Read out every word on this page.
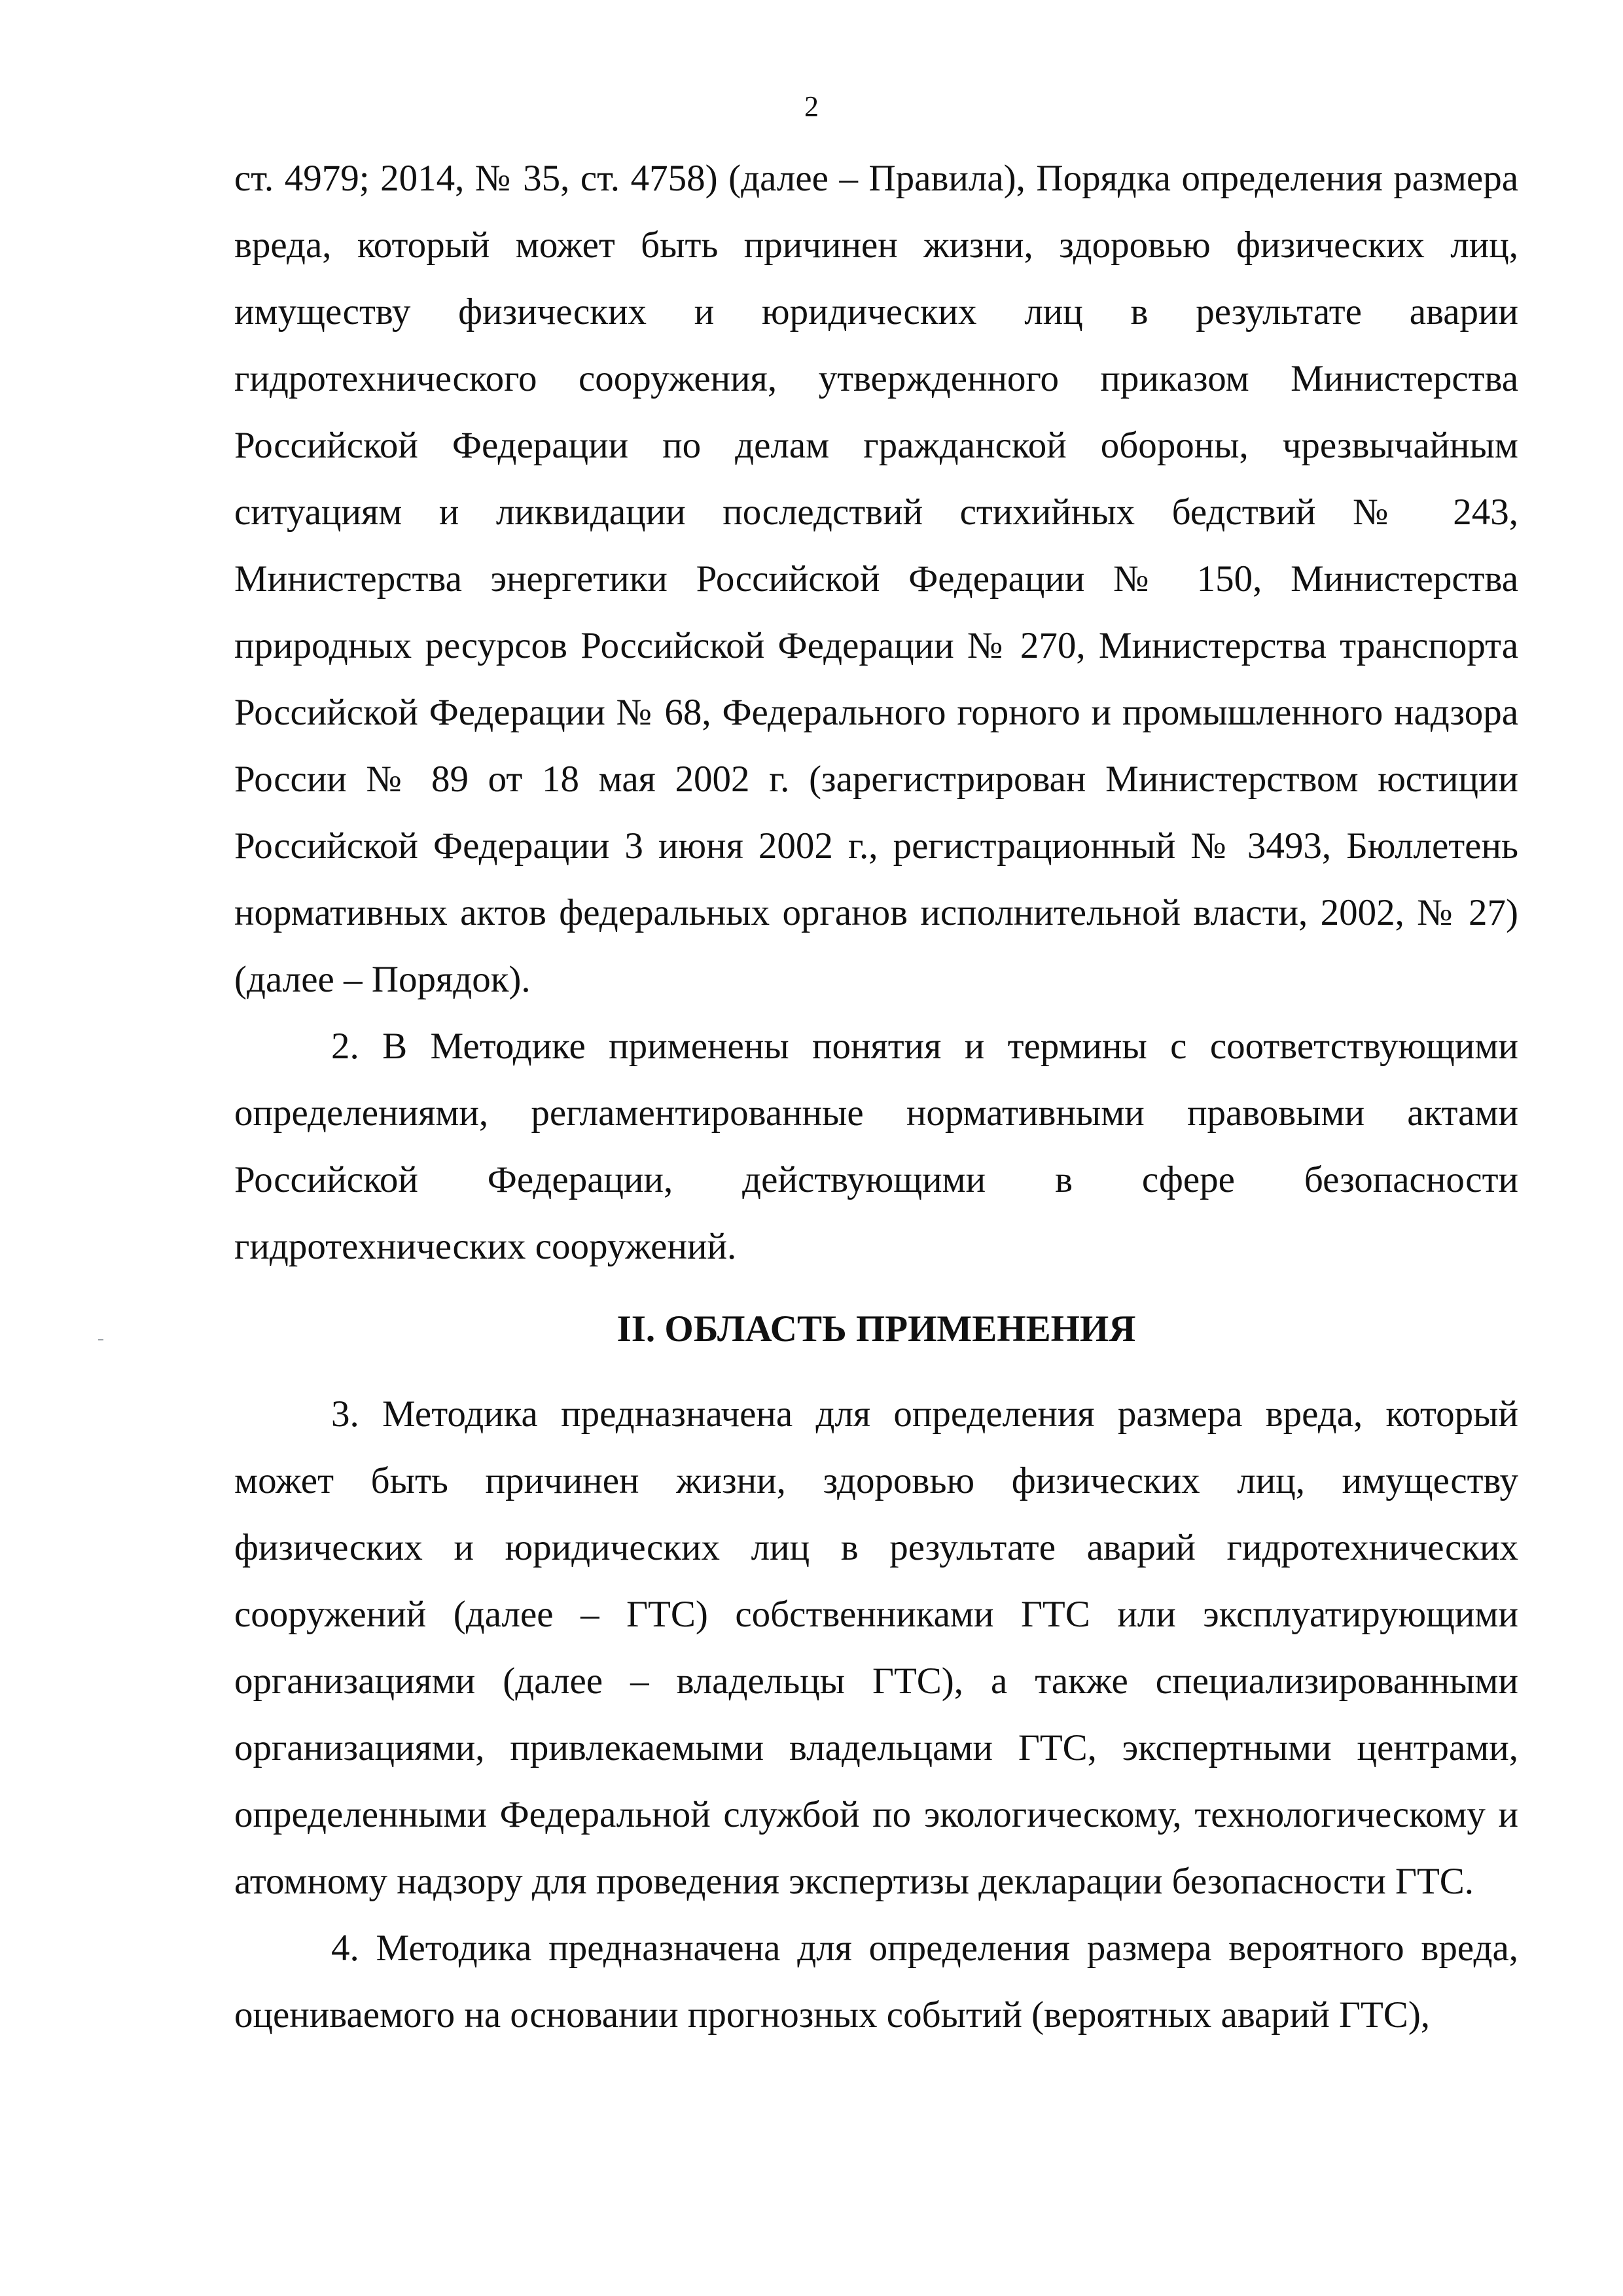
2

ст. 4979; 2014, № 35, ст. 4758) (далее – Правила), Порядка определения размера вреда, который может быть причинен жизни, здоровью физических лиц, имуществу физических и юридических лиц в результате аварии гидротехнического сооружения, утвержденного приказом Министерства Российской Федерации по делам гражданской обороны, чрезвычайным ситуациям и ликвидации последствий стихийных бедствий № 243, Министерства энергетики Российской Федерации № 150, Министерства природных ресурсов Российской Федерации № 270, Министерства транспорта Российской Федерации № 68, Федерального горного и промышленного надзора России № 89 от 18 мая 2002 г. (зарегистрирован Министерством юстиции Российской Федерации 3 июня 2002 г., регистрационный № 3493, Бюллетень нормативных актов федеральных органов исполнительной власти, 2002, № 27) (далее – Порядок).

2. В Методике применены понятия и термины с соответствующими определениями, регламентированные нормативными правовыми актами Российской Федерации, действующими в сфере безопасности гидротехнических сооружений.

II. ОБЛАСТЬ ПРИМЕНЕНИЯ

3. Методика предназначена для определения размера вреда, который может быть причинен жизни, здоровью физических лиц, имуществу физических и юридических лиц в результате аварий гидротехнических сооружений (далее – ГТС) собственниками ГТС или эксплуатирующими организациями (далее – владельцы ГТС), а также специализированными организациями, привлекаемыми владельцами ГТС, экспертными центрами, определенными Федеральной службой по экологическому, технологическому и атомному надзору для проведения экспертизы декларации безопасности ГТС.

4. Методика предназначена для определения размера вероятного вреда, оцениваемого на основании прогнозных событий (вероятных аварий ГТС),
